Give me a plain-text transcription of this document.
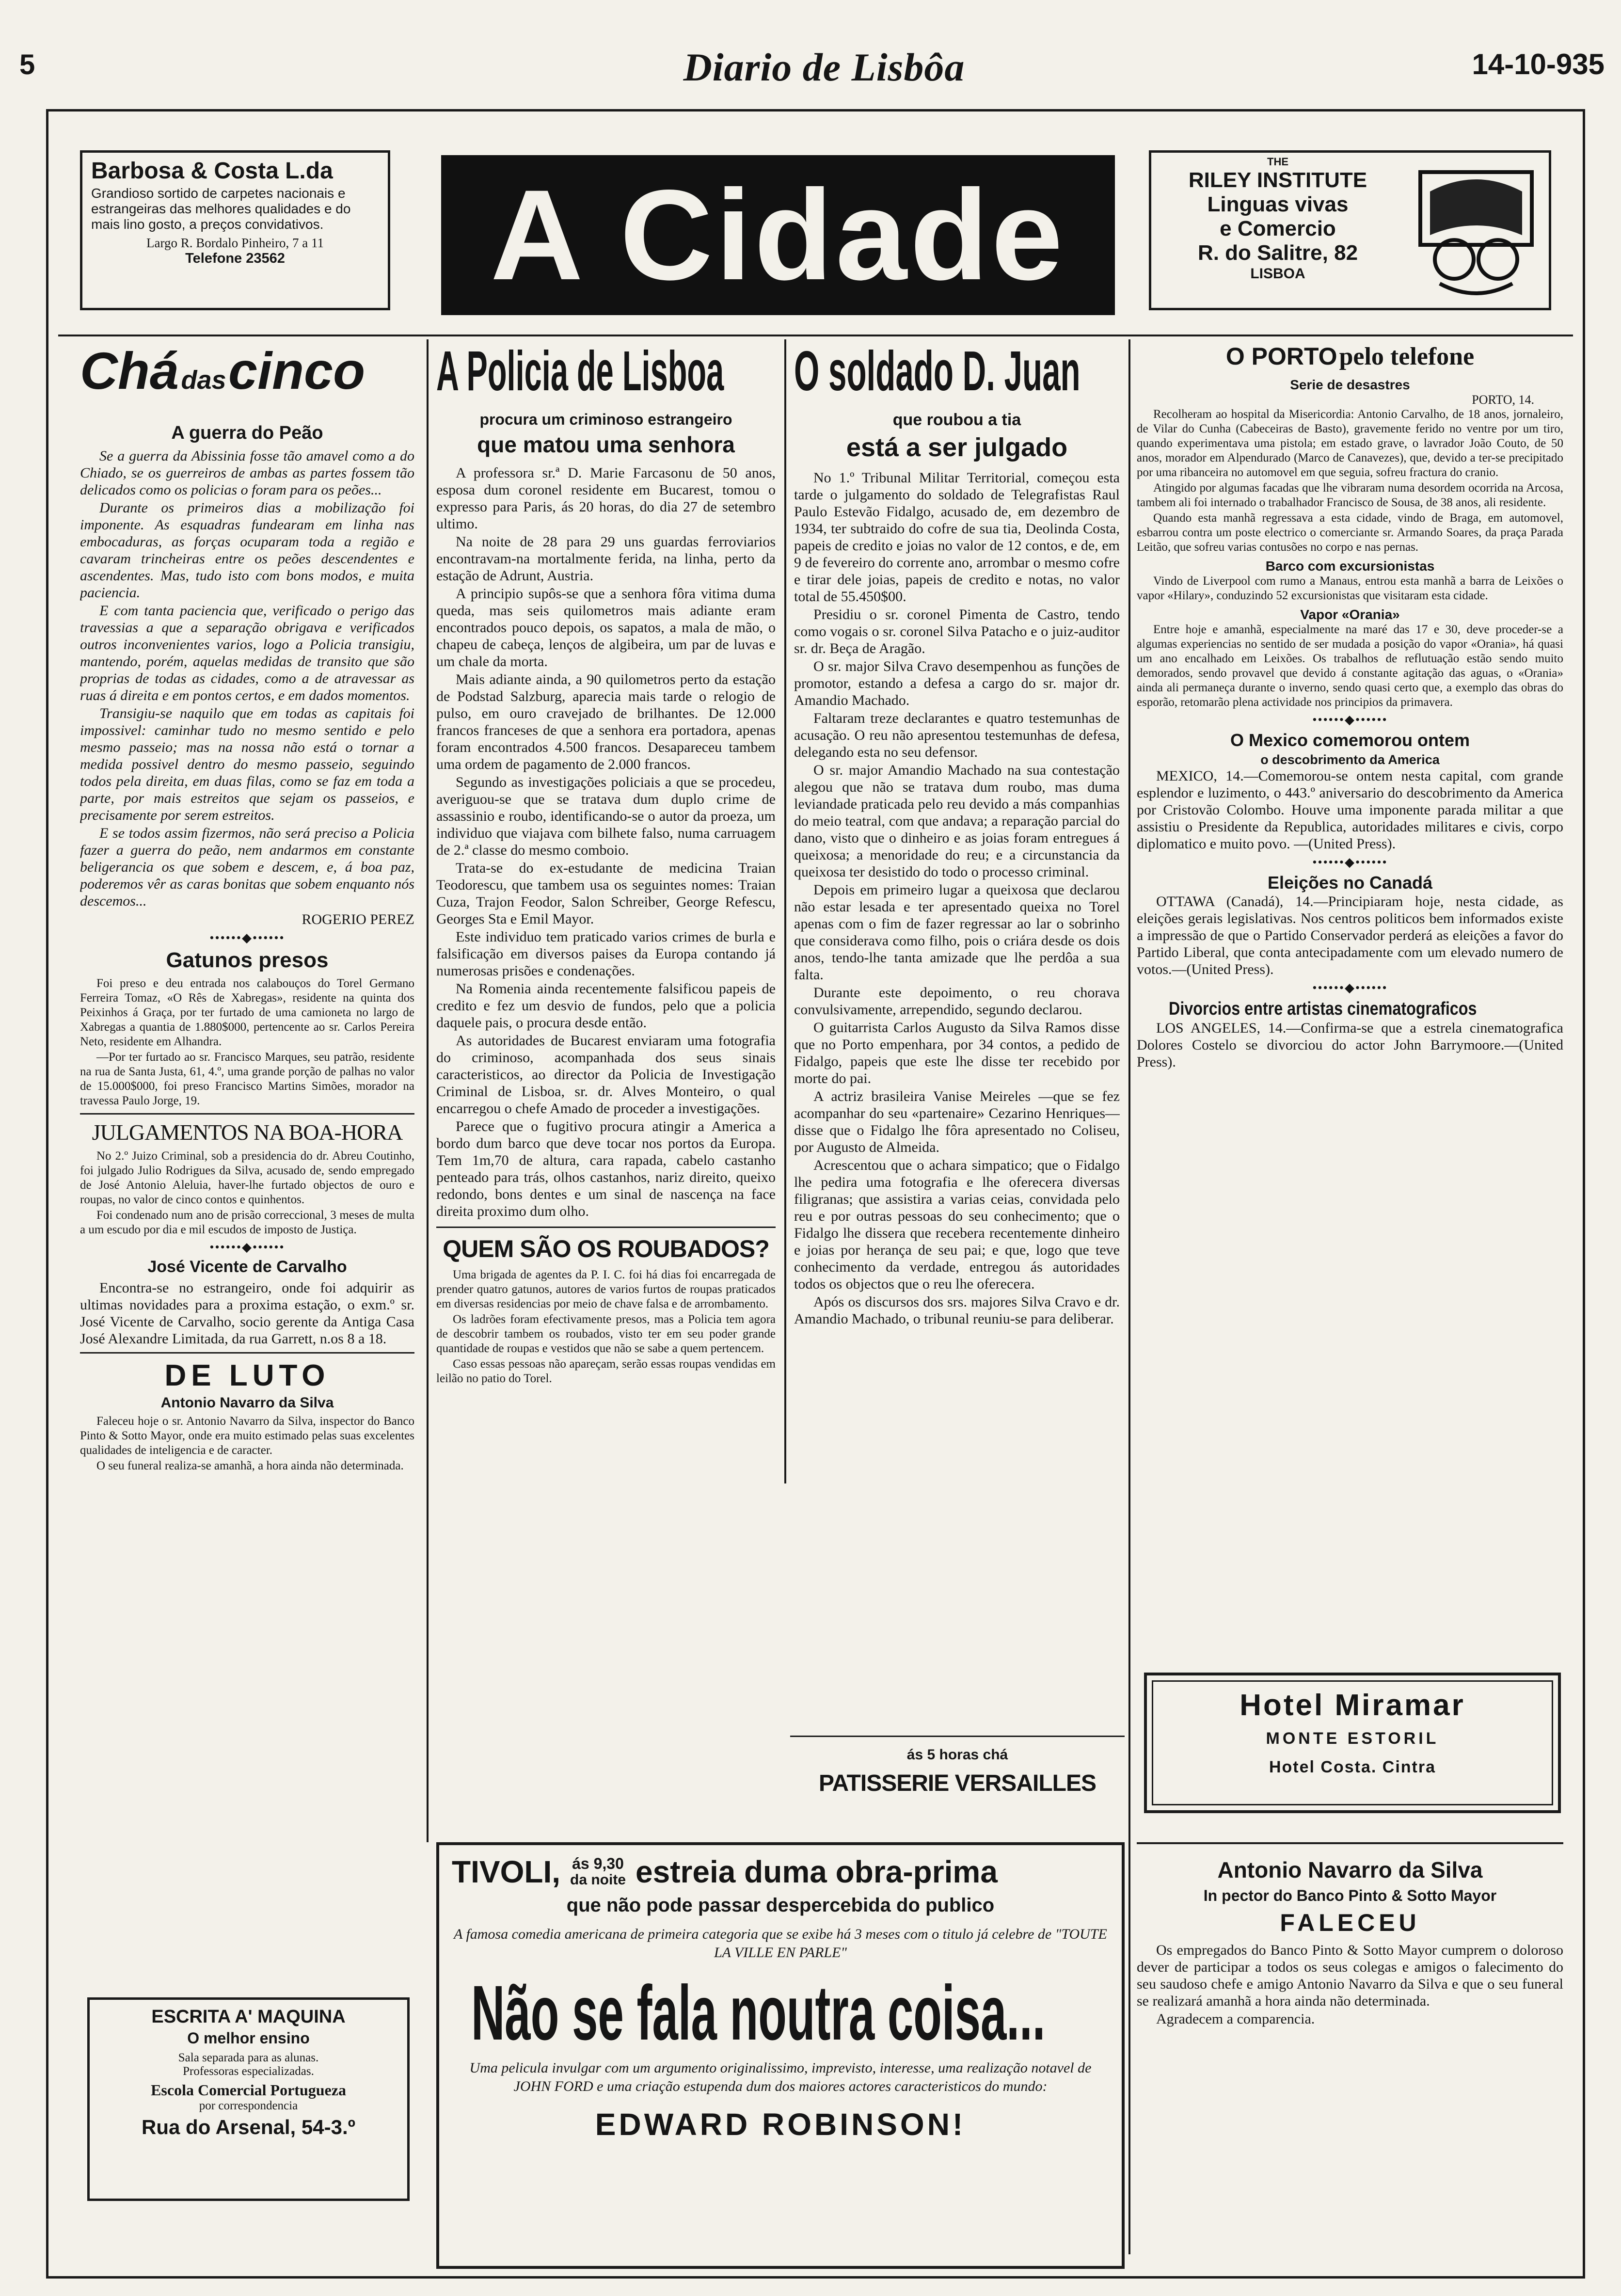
5	Diario de Lisbôa	14-10-935
Barbosa & Costa L.da
Grandioso sortido de carpetes nacionais e estrangeiras das melhores qualidades e do mais lino gosto, a preços convidativos.
Largo R. Bordalo Pinheiro, 7 a 11
Telefone 23562	A Cidade
THE
RILEY INSTITUTE
Linguas vivas
e Comercio
R. do Salitre, 82
LISBOA
Chá das cinco
A guerra do Peão

Se a guerra da Abissinia fosse tão amavel como a do Chiado, se os guerreiros de ambas as partes fossem tão delicados como os policias o foram para os peões...

Durante os primeiros dias a mobilização foi imponente. As esquadras fundearam em linha nas embocaduras, as forças ocuparam toda a região e cavaram trincheiras entre os peões descendentes e ascendentes. Mas, tudo isto com bons modos, e muita paciencia.

E com tanta paciencia que, verificado o perigo das travessias a que a separação obrigava e verificados outros inconvenientes varios, logo a Policia transigiu, mantendo, porém, aquelas medidas de transito que são proprias de todas as cidades, como a de atravessar as ruas á direita e em pontos certos, e em dados momentos.

Transigiu-se naquilo que em todas as capitais foi impossivel: caminhar tudo no mesmo sentido e pelo mesmo passeio; mas na nossa não está o tornar a medida possivel dentro do mesmo passeio, seguindo todos pela direita, em duas filas, como se faz em toda a parte, por mais estreitos que sejam os passeios, e precisamente por serem estreitos.

E se todos assim fizermos, não será preciso a Policia fazer a guerra do peão, nem andarmos em constante beligerancia os que sobem e descem, e, á boa paz, poderemos vêr as caras bonitas que sobem enquanto nós descemos...

ROGERIO PEREZ
••••••◆••••••
Gatunos presos

Foi preso e deu entrada nos calabouços do Torel Germano Ferreira Tomaz, «O Rês de Xabregas», residente na quinta dos Peixinhos á Graça, por ter furtado de uma camioneta no largo de Xabregas a quantia de 1.880$000, pertencente ao sr. Carlos Pereira Neto, residente em Alhandra.

—Por ter furtado ao sr. Francisco Marques, seu patrão, residente na rua de Santa Justa, 61, 4.º, uma grande porção de palhas no valor de 15.000$000, foi preso Francisco Martins Simões, morador na travessa Paulo Jorge, 19.

JULGAMENTOS NA BOA-HORA

No 2.º Juizo Criminal, sob a presidencia do dr. Abreu Coutinho, foi julgado Julio Rodrigues da Silva, acusado de, sendo empregado de José Antonio Aleluia, haver-lhe furtado objectos de ouro e roupas, no valor de cinco contos e quinhentos.

Foi condenado num ano de prisão correccional, 3 meses de multa a um escudo por dia e mil escudos de imposto de Justiça.

••••••◆••••••
José Vicente de Carvalho

Encontra-se no estrangeiro, onde foi adquirir as ultimas novidades para a proxima estação, o exm.º sr. José Vicente de Carvalho, socio gerente da Antiga Casa José Alexandre Limitada, da rua Garrett, n.os 8 a 18.

DE LUTO
Antonio Navarro da Silva

Faleceu hoje o sr. Antonio Navarro da Silva, inspector do Banco Pinto & Sotto Mayor, onde era muito estimado pelas suas excelentes qualidades de inteligencia e de caracter.

O seu funeral realiza-se amanhã, a hora ainda não determinada.

ESCRITA A' MAQUINA
O melhor ensino
Sala separada para as alunas.
Professoras especializadas.
Escola Comercial Portugueza
por correspondencia
Rua do Arsenal, 54-3.º
A Policia de Lisboa
procura um criminoso estrangeiro
que matou uma senhora

A professora sr.ª D. Marie Farcasonu de 50 anos, esposa dum coronel residente em Bucarest, tomou o expresso para Paris, ás 20 horas, do dia 27 de setembro ultimo.

Na noite de 28 para 29 uns guardas ferroviarios encontravam-na mortalmente ferida, na linha, perto da estação de Adrunt, Austria.

A principio supôs-se que a senhora fôra vitima duma queda, mas seis quilometros mais adiante eram encontrados pouco depois, os sapatos, a mala de mão, o chapeu de cabeça, lenços de algibeira, um par de luvas e um chale da morta.

Mais adiante ainda, a 90 quilometros perto da estação de Podstad Salzburg, aparecia mais tarde o relogio de pulso, em ouro cravejado de brilhantes. De 12.000 francos franceses de que a senhora era portadora, apenas foram encontrados 4.500 francos. Desapareceu tambem uma ordem de pagamento de 2.000 francos.

Segundo as investigações policiais a que se procedeu, averiguou-se que se tratava dum duplo crime de assassinio e roubo, identificando-se o autor da proeza, um individuo que viajava com bilhete falso, numa carruagem de 2.ª classe do mesmo comboio.

Trata-se do ex-estudante de medicina Traian Teodorescu, que tambem usa os seguintes nomes: Traian Cuza, Trajon Feodor, Salon Schreiber, George Refescu, Georges Sta e Emil Mayor.

Este individuo tem praticado varios crimes de burla e falsificação em diversos paises da Europa contando já numerosas prisões e condenações.

Na Romenia ainda recentemente falsificou papeis de credito e fez um desvio de fundos, pelo que a policia daquele pais, o procura desde então.

As autoridades de Bucarest enviaram uma fotografia do criminoso, acompanhada dos seus sinais caracteristicos, ao director da Policia de Investigação Criminal de Lisboa, sr. dr. Alves Monteiro, o qual encarregou o chefe Amado de proceder a investigações.

Parece que o fugitivo procura atingir a America a bordo dum barco que deve tocar nos portos da Europa. Tem 1m,70 de altura, cara rapada, cabelo castanho penteado para trás, olhos castanhos, nariz direito, queixo redondo, bons dentes e um sinal de nascença na face direita proximo dum olho.

QUEM SÃO OS ROUBADOS?

Uma brigada de agentes da P. I. C. foi há dias foi encarregada de prender quatro gatunos, autores de varios furtos de roupas praticados em diversas residencias por meio de chave falsa e de arrombamento.

Os ladrões foram efectivamente presos, mas a Policia tem agora de descobrir tambem os roubados, visto ter em seu poder grande quantidade de roupas e vestidos que não se sabe a quem pertencem.

Caso essas pessoas não apareçam, serão essas roupas vendidas em leilão no patio do Torel.

O soldado D. Juan
que roubou a tia
está a ser julgado

No 1.º Tribunal Militar Territorial, começou esta tarde o julgamento do soldado de Telegrafistas Raul Paulo Estevão Fidalgo, acusado de, em dezembro de 1934, ter subtraido do cofre de sua tia, Deolinda Costa, papeis de credito e joias no valor de 12 contos, e de, em 9 de fevereiro do corrente ano, arrombar o mesmo cofre e tirar dele joias, papeis de credito e notas, no valor total de 55.450$00.

Presidiu o sr. coronel Pimenta de Castro, tendo como vogais o sr. coronel Silva Patacho e o juiz-auditor sr. dr. Beça de Aragão.

O sr. major Silva Cravo desempenhou as funções de promotor, estando a defesa a cargo do sr. major dr. Amandio Machado.

Faltaram treze declarantes e quatro testemunhas de acusação. O reu não apresentou testemunhas de defesa, delegando esta no seu defensor.

O sr. major Amandio Machado na sua contestação alegou que não se tratava dum roubo, mas duma leviandade praticada pelo reu devido a más companhias do meio teatral, com que andava; a reparação parcial do dano, visto que o dinheiro e as joias foram entregues á queixosa; a menoridade do reu; e a circunstancia da queixosa ter desistido do todo o processo criminal.

Depois em primeiro lugar a queixosa que declarou não estar lesada e ter apresentado queixa no Torel apenas com o fim de fazer regressar ao lar o sobrinho que considerava como filho, pois o criára desde os dois anos, tendo-lhe tanta amizade que lhe perdôa a sua falta.

Durante este depoimento, o reu chorava convulsivamente, arrependido, segundo declarou.

O guitarrista Carlos Augusto da Silva Ramos disse que no Porto empenhara, por 34 contos, a pedido de Fidalgo, papeis que este lhe disse ter recebido por morte do pai.

A actriz brasileira Vanise Meireles —que se fez acompanhar do seu «partenaire» Cezarino Henriques— disse que o Fidalgo lhe fôra apresentado no Coliseu, por Augusto de Almeida.

Acrescentou que o achara simpatico; que o Fidalgo lhe pedira uma fotografia e lhe oferecera diversas filigranas; que assistira a varias ceias, convidada pelo reu e por outras pessoas do seu conhecimento; que o Fidalgo lhe dissera que recebera recentemente dinheiro e joias por herança de seu pai; e que, logo que teve conhecimento da verdade, entregou ás autoridades todos os objectos que o reu lhe oferecera.

Após os discursos dos srs. majores Silva Cravo e dr. Amandio Machado, o tribunal reuniu-se para deliberar.

ás 5 horas chá
PATISSERIE VERSAILLES
TIVOLI, ás 9,30
da noite estreia duma obra-prima
que não pode passar despercebida do publico
A famosa comedia americana de primeira categoria que se exibe há 3 meses com o titulo já celebre de "TOUTE LA VILLE EN PARLE"
Não se fala noutra coisa...
Uma pelicula invulgar com um argumento originalissimo, imprevisto, interesse, uma realização notavel de JOHN FORD e uma criação estupenda dum dos maiores actores caracteristicos do mundo:
EDWARD ROBINSON!
O PORTO pelo telefone
Serie de desastres
PORTO, 14.

Recolheram ao hospital da Misericordia: Antonio Carvalho, de 18 anos, jornaleiro, de Vilar do Cunha (Cabeceiras de Basto), gravemente ferido no ventre por um tiro, quando experimentava uma pistola; em estado grave, o lavrador João Couto, de 50 anos, morador em Alpendurado (Marco de Canavezes), que, devido a ter-se precipitado por uma ribanceira no automovel em que seguia, sofreu fractura do cranio.

Atingido por algumas facadas que lhe vibraram numa desordem ocorrida na Arcosa, tambem ali foi internado o trabalhador Francisco de Sousa, de 38 anos, ali residente.

Quando esta manhã regressava a esta cidade, vindo de Braga, em automovel, esbarrou contra um poste electrico o comerciante sr. Armando Soares, da praça Parada Leitão, que sofreu varias contusões no corpo e nas pernas.

Barco com excursionistas

Vindo de Liverpool com rumo a Manaus, entrou esta manhã a barra de Leixões o vapor «Hilary», conduzindo 52 excursionistas que visitaram esta cidade.

Vapor «Orania»

Entre hoje e amanhã, especialmente na maré das 17 e 30, deve proceder-se a algumas experiencias no sentido de ser mudada a posição do vapor «Orania», há quasi um ano encalhado em Leixões. Os trabalhos de reflutuação estão sendo muito demorados, sendo provavel que devido á constante agitação das aguas, o «Orania» ainda ali permaneça durante o inverno, sendo quasi certo que, a exemplo das obras do esporão, retomarão plena actividade nos principios da primavera.

••••••◆••••••
O Mexico comemorou ontem
o descobrimento da America

MEXICO, 14.—Comemorou-se ontem nesta capital, com grande esplendor e luzimento, o 443.º aniversario do descobrimento da America por Cristovão Colombo. Houve uma imponente parada militar a que assistiu o Presidente da Republica, autoridades militares e civis, corpo diplomatico e muito povo. —(United Press).

••••••◆••••••
Eleições no Canadá

OTTAWA (Canadá), 14.—Principiaram hoje, nesta cidade, as eleições gerais legislativas. Nos centros politicos bem informados existe a impressão de que o Partido Conservador perderá as eleições a favor do Partido Liberal, que conta antecipadamente com um elevado numero de votos.—(United Press).

••••••◆••••••
Divorcios entre artistas cinematograficos

LOS ANGELES, 14.—Confirma-se que a estrela cinematografica Dolores Costelo se divorciou do actor John Barrymoore.—(United Press).

Hotel Miramar
MONTE ESTORIL
Hotel Costa. Cintra
Antonio Navarro da Silva
In pector do Banco Pinto & Sotto Mayor
FALECEU

Os empregados do Banco Pinto & Sotto Mayor cumprem o doloroso dever de participar a todos os seus colegas e amigos o falecimento do seu saudoso chefe e amigo Antonio Navarro da Silva e que o seu funeral se realizará amanhã a hora ainda não determinada.

Agradecem a comparencia.
